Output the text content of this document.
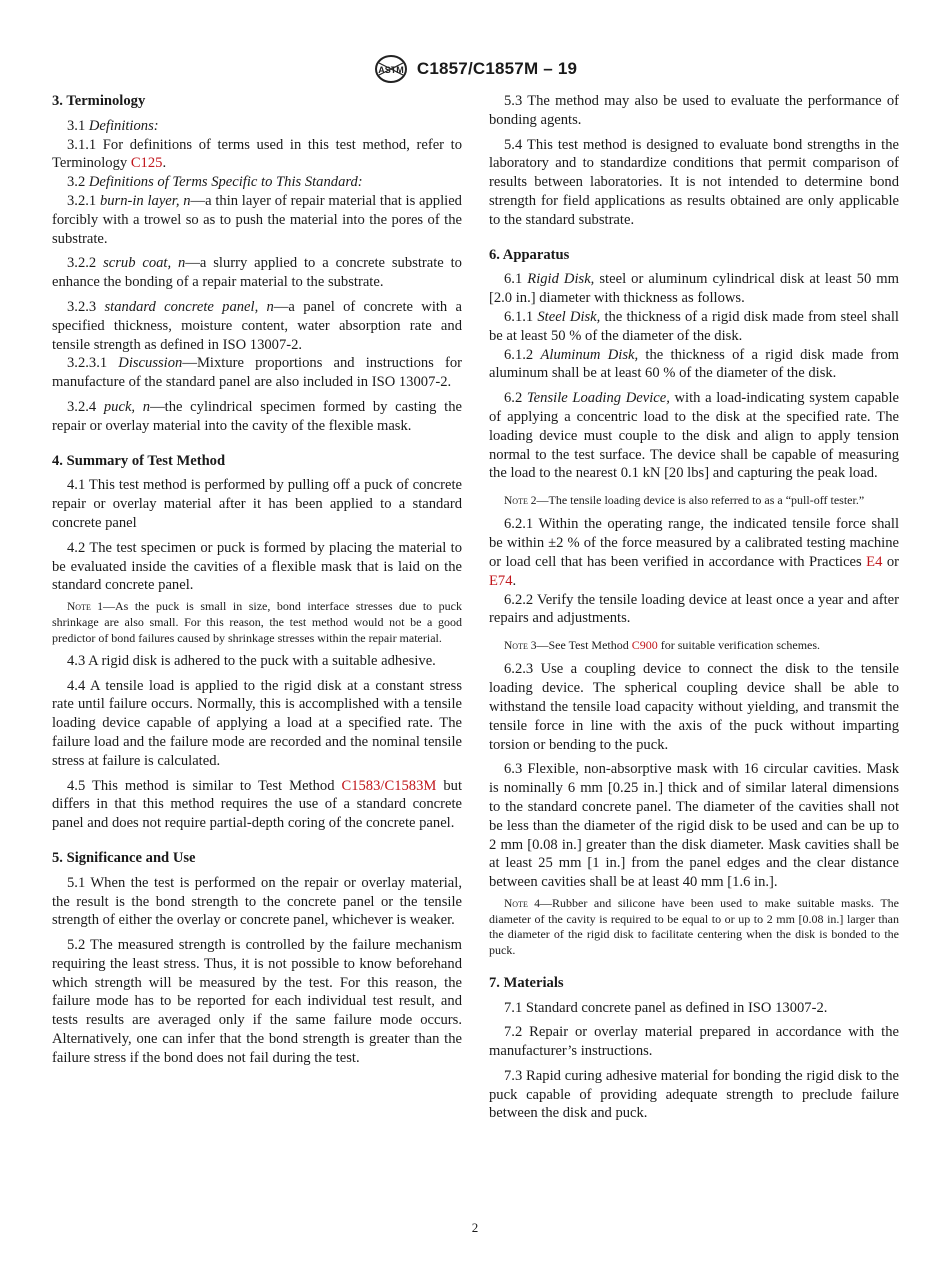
ASTM C1857/C1857M – 19
3. Terminology

3.1 Definitions:

3.1.1 For definitions of terms used in this test method, refer to Terminology C125.

3.2 Definitions of Terms Specific to This Standard:

3.2.1 burn-in layer, n—a thin layer of repair material that is applied forcibly with a trowel so as to push the material into the pores of the substrate.

3.2.2 scrub coat, n—a slurry applied to a concrete substrate to enhance the bonding of a repair material to the substrate.

3.2.3 standard concrete panel, n—a panel of concrete with a specified thickness, moisture content, water absorption rate and tensile strength as defined in ISO 13007-2.

3.2.3.1 Discussion—Mixture proportions and instructions for manufacture of the standard panel are also included in ISO 13007-2.

3.2.4 puck, n—the cylindrical specimen formed by casting the repair or overlay material into the cavity of the flexible mask.

4. Summary of Test Method

4.1 This test method is performed by pulling off a puck of concrete repair or overlay material after it has been applied to a standard concrete panel

4.2 The test specimen or puck is formed by placing the material to be evaluated inside the cavities of a flexible mask that is laid on the standard concrete panel.

Note 1—As the puck is small in size, bond interface stresses due to puck shrinkage are also small. For this reason, the test method would not be a good predictor of bond failures caused by shrinkage stresses within the repair material.

4.3 A rigid disk is adhered to the puck with a suitable adhesive.

4.4 A tensile load is applied to the rigid disk at a constant stress rate until failure occurs. Normally, this is accomplished with a tensile loading device capable of applying a load at a specified rate. The failure load and the failure mode are recorded and the nominal tensile stress at failure is calculated.

4.5 This method is similar to Test Method C1583/C1583M but differs in that this method requires the use of a standard concrete panel and does not require partial-depth coring of the concrete panel.

5. Significance and Use

5.1 When the test is performed on the repair or overlay material, the result is the bond strength to the concrete panel or the tensile strength of either the overlay or concrete panel, whichever is weaker.

5.2 The measured strength is controlled by the failure mechanism requiring the least stress. Thus, it is not possible to know beforehand which strength will be measured by the test. For this reason, the failure mode has to be reported for each individual test result, and tests results are averaged only if the same failure mode occurs. Alternatively, one can infer that the bond strength is greater than the failure stress if the bond does not fail during the test.

5.3 The method may also be used to evaluate the performance of bonding agents.

5.4 This test method is designed to evaluate bond strengths in the laboratory and to standardize conditions that permit comparison of results between laboratories. It is not intended to determine bond strength for field applications as results obtained are only applicable to the standard substrate.

6. Apparatus

6.1 Rigid Disk, steel or aluminum cylindrical disk at least 50 mm [2.0 in.] diameter with thickness as follows.

6.1.1 Steel Disk, the thickness of a rigid disk made from steel shall be at least 50 % of the diameter of the disk.

6.1.2 Aluminum Disk, the thickness of a rigid disk made from aluminum shall be at least 60 % of the diameter of the disk.

6.2 Tensile Loading Device, with a load-indicating system capable of applying a concentric load to the disk at the specified rate. The loading device must couple to the disk and align to apply tension normal to the test surface. The device shall be capable of measuring the load to the nearest 0.1 kN [20 lbs] and capturing the peak load.

Note 2—The tensile loading device is also referred to as a “pull-off tester.”

6.2.1 Within the operating range, the indicated tensile force shall be within ±2 % of the force measured by a calibrated testing machine or load cell that has been verified in accordance with Practices E4 or E74.

6.2.2 Verify the tensile loading device at least once a year and after repairs and adjustments.

Note 3—See Test Method C900 for suitable verification schemes.

6.2.3 Use a coupling device to connect the disk to the tensile loading device. The spherical coupling device shall be able to withstand the tensile load capacity without yielding, and transmit the tensile force in line with the axis of the puck without imparting torsion or bending to the puck.

6.3 Flexible, non-absorptive mask with 16 circular cavities. Mask is nominally 6 mm [0.25 in.] thick and of similar lateral dimensions to the standard concrete panel. The diameter of the cavities shall not be less than the diameter of the rigid disk to be used and can be up to 2 mm [0.08 in.] greater than the disk diameter. Mask cavities shall be at least 25 mm [1 in.] from the panel edges and the clear distance between cavities shall be at least 40 mm [1.6 in.].

Note 4—Rubber and silicone have been used to make suitable masks. The diameter of the cavity is required to be equal to or up to 2 mm [0.08 in.] larger than the diameter of the rigid disk to facilitate centering when the disk is bonded to the puck.

7. Materials

7.1 Standard concrete panel as defined in ISO 13007-2.

7.2 Repair or overlay material prepared in accordance with the manufacturer’s instructions.

7.3 Rapid curing adhesive material for bonding the rigid disk to the puck capable of providing adequate strength to preclude failure between the disk and puck.

2
